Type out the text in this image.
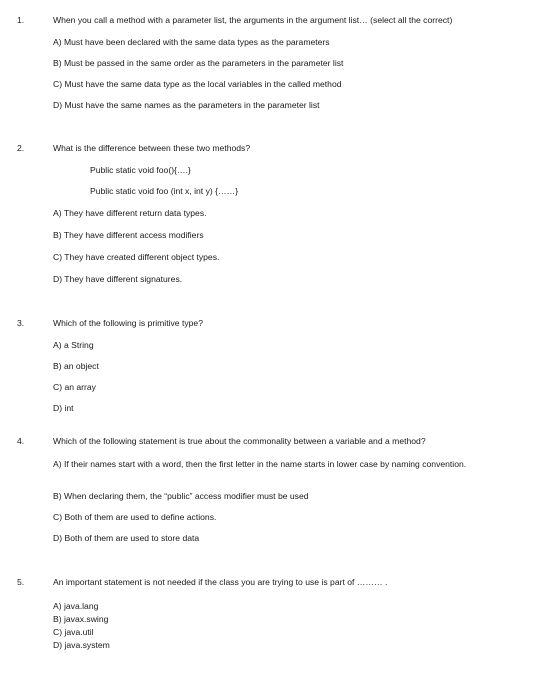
1.	When you call a method with a parameter list, the arguments in the argument list… (select all the correct)
A) Must have been declared with the same data types as the parameters
B) Must be passed in the same order as the parameters in the parameter list
C) Must have the same data type as the local variables in the called method
D) Must have the same names as the parameters in the parameter list
2.	What is the difference between these two methods?
Public static void foo(){….}
Public static void foo (int x, int y) {……}
A) They have different return data types.
B) They have different access modifiers
C) They have created different object types.
D) They have different signatures.
3.	Which of the following is primitive type?
A) a String
B) an object
C) an array
D) int
4.	Which of the following statement is true about the commonality between a variable and a method?
A) If their names start with a word, then the first letter in the name starts in lower case by naming convention.
B) When declaring them, the “public” access modifier must be used
C) Both of them are used to define actions.
D) Both of them are used to store data
5.	An important statement is not needed if the class you are trying to use is part of ……… .
A) java.lang
B) javax.swing
C) java.util
D) java.system
